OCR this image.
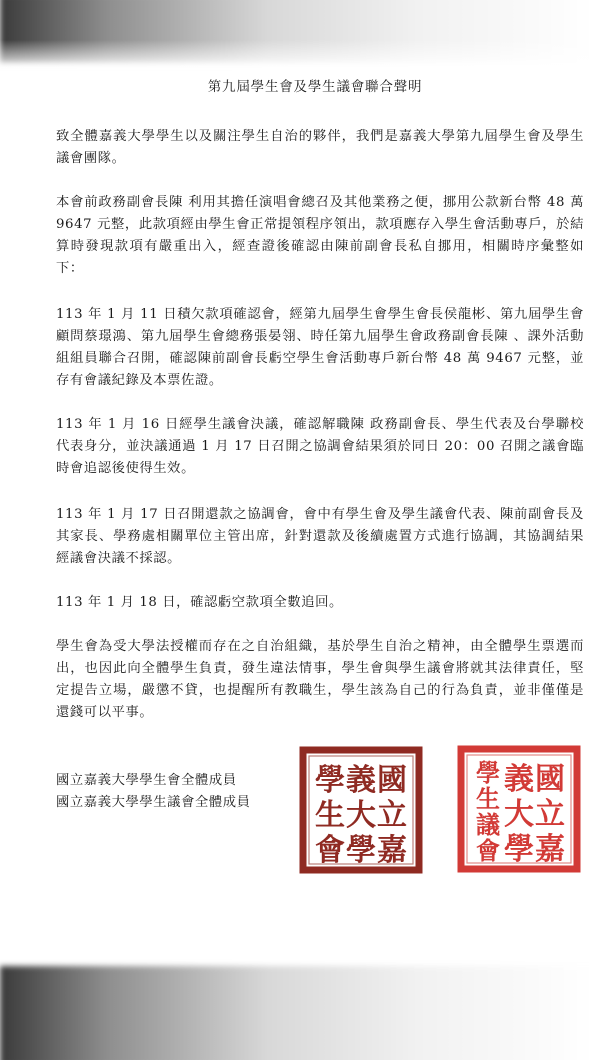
第九屆學生會及學生議會聯合聲明

致全體嘉義大學學生以及關注學生自治的夥伴，我們是嘉義大學第九屆學生會及學生議會團隊。

本會前政務副會長陳 利用其擔任演唱會總召及其他業務之便，挪用公款新台幣 48 萬 9647 元整，此款項經由學生會正常提領程序領出，款項應存入學生會活動專戶，於結算時發現款項有嚴重出入，經查證後確認由陳前副會長私自挪用，相關時序彙整如下：

113 年 1 月 11 日積欠款項確認會，經第九屆學生會學生會長侯龍彬、第九屆學生會顧問蔡璟鴻、第九屆學生會總務張晏翎、時任第九屆學生會政務副會長陳 、課外活動組組員聯合召開，確認陳前副會長虧空學生會活動專戶新台幣 48 萬 9467 元整，並存有會議紀錄及本票佐證。

113 年 1 月 16 日經學生議會決議，確認解職陳 政務副會長、學生代表及台學聯校代表身分，並決議通過 1 月 17 日召開之協調會結果須於同日 20：00 召開之議會臨時會追認後使得生效。

113 年 1 月 17 日召開還款之協調會，會中有學生會及學生議會代表、陳前副會長及其家長、學務處相關單位主管出席，針對還款及後續處置方式進行協調，其協調結果經議會決議不採認。

113 年 1 月 18 日，確認虧空款項全數追回。

學生會為受大學法授權而存在之自治組織，基於學生自治之精神，由全體學生票選而出，也因此向全體學生負責，發生違法情事，學生會與學生議會將就其法律責任，堅定提告立場，嚴懲不貸，也提醒所有教職生，學生該為自己的行為負責，並非僅僅是還錢可以平事。

國立嘉義大學學生會全體成員
國立嘉義大學學生議會全體成員
國
立
嘉
義
大
學
學
生
會
國
立
嘉
義
大
學
學
生
議
會
